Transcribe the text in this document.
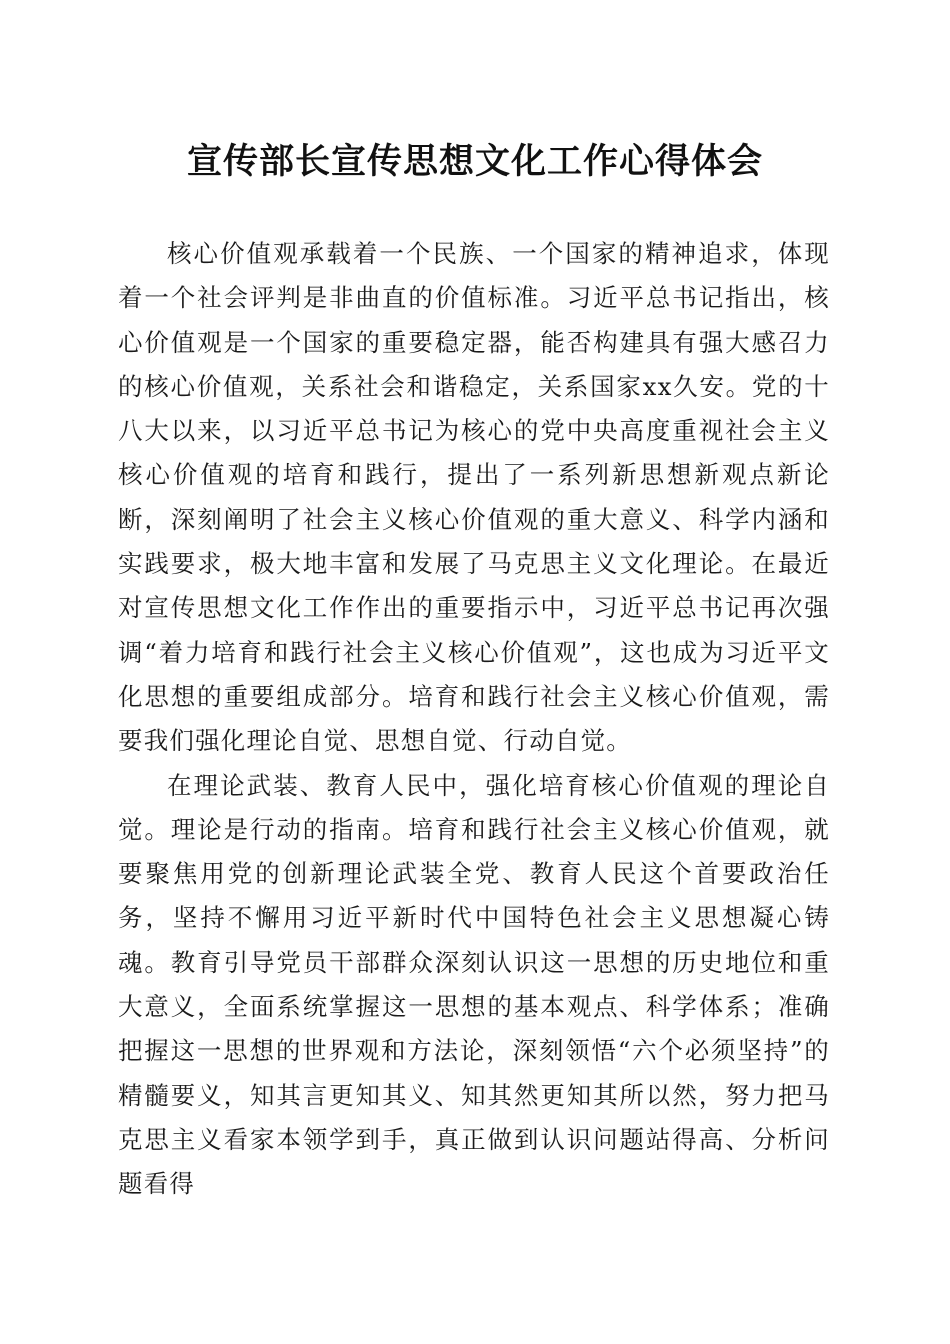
宣传部长宣传思想文化工作心得体会

核心价值观承载着一个民族、一个国家的精神追求，体现着一个社会评判是非曲直的价值标准。习近平总书记指出，核心价值观是一个国家的重要稳定器，能否构建具有强大感召力的核心价值观，关系社会和谐稳定，关系国家xx久安。党的十八大以来，以习近平总书记为核心的党中央高度重视社会主义核心价值观的培育和践行，提出了一系列新思想新观点新论断，深刻阐明了社会主义核心价值观的重大意义、科学内涵和实践要求，极大地丰富和发展了马克思主义文化理论。在最近对宣传思想文化工作作出的重要指示中，习近平总书记再次强调“着力培育和践行社会主义核心价值观”，这也成为习近平文化思想的重要组成部分。培育和践行社会主义核心价值观，需要我们强化理论自觉、思想自觉、行动自觉。

在理论武装、教育人民中，强化培育核心价值观的理论自觉。理论是行动的指南。培育和践行社会主义核心价值观，就要聚焦用党的创新理论武装全党、教育人民这个首要政治任务，坚持不懈用习近平新时代中国特色社会主义思想凝心铸魂。教育引导党员干部群众深刻认识这一思想的历史地位和重大意义，全面系统掌握这一思想的基本观点、科学体系；准确把握这一思想的世界观和方法论，深刻领悟“六个必须坚持”的精髓要义，知其言更知其义、知其然更知其所以然，努力把马克思主义看家本领学到手，真正做到认识问题站得高、分析问题看得
